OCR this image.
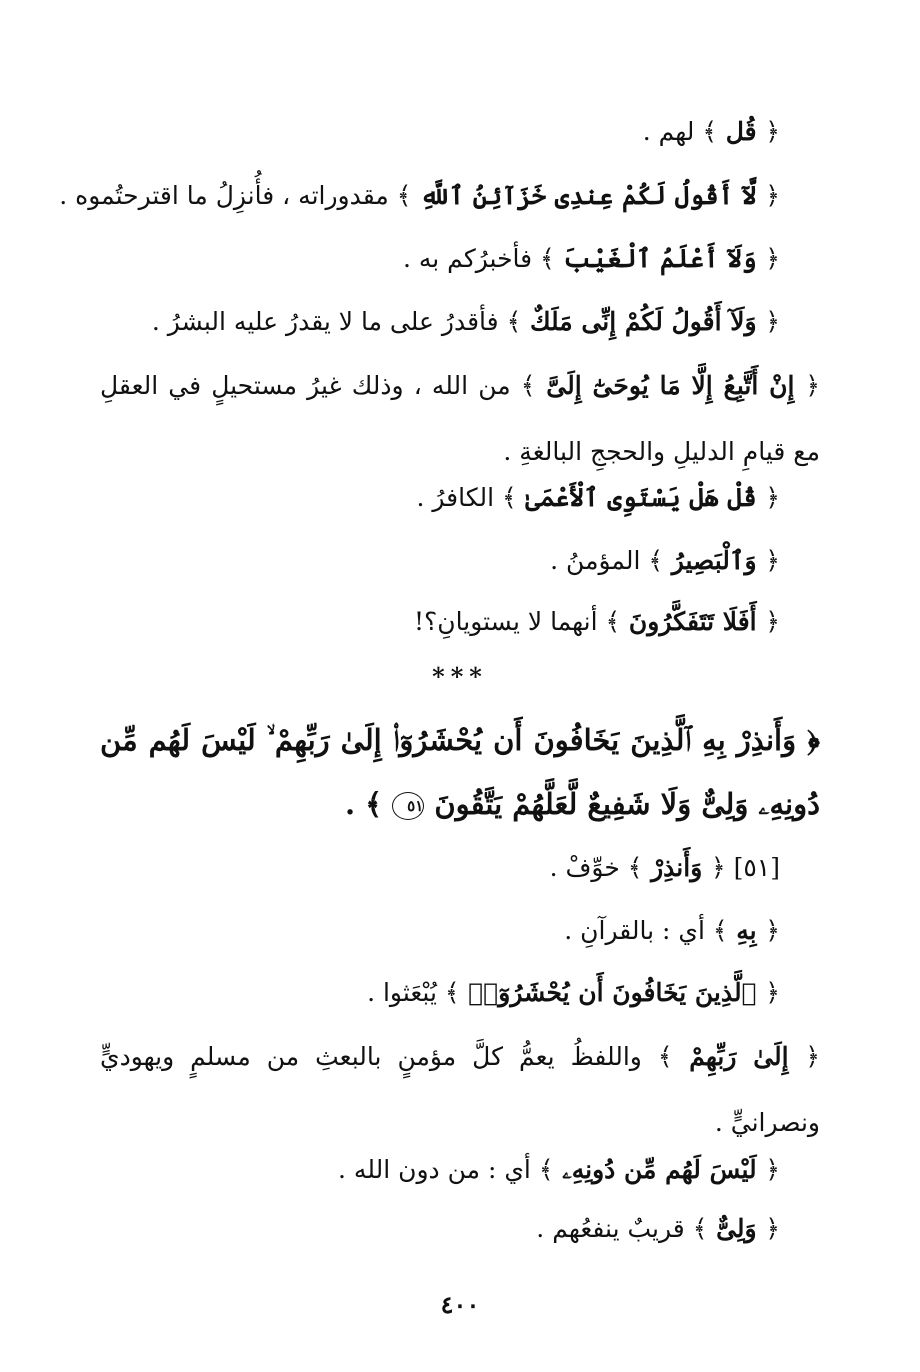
﴿ قُل ﴾ لهم .
﴿ لَّآ أَقُولُ لَكُمْ عِندِى خَزَآئِنُ ٱللَّهِ ﴾ مقدوراته ، فأُنزِلُ ما اقترحتُموه .
﴿ وَلَآ أَعْلَمُ ٱلْغَيْبَ ﴾ فأخبرُكم به .
﴿ وَلَآ أَقُولُ لَكُمْ إِنِّى مَلَكٌ ﴾ فأقدرُ على ما لا يقدرُ عليه البشرُ .
﴿ إِنْ أَتَّبِعُ إِلَّا مَا يُوحَىٰٓ إِلَىَّ ﴾ من الله ، وذلك غيرُ مستحيلٍ في العقلِ مع قيامِ الدليلِ والحججِ البالغةِ .
﴿ قُلْ هَلْ يَسْتَوِى ٱلْأَعْمَىٰ ﴾ الكافرُ .
﴿ وَٱلْبَصِيرُ ﴾ المؤمنُ .
﴿ أَفَلَا تَتَفَكَّرُونَ ﴾ أنهما لا يستويانِ؟!
***
﴿ وَأَنذِرْ بِهِ ٱلَّذِينَ يَخَافُونَ أَن يُحْشَرُوٓا۟ إِلَىٰ رَبِّهِمْ ۙ لَيْسَ لَهُم مِّن دُونِهِۦ وَلِىٌّ وَلَا شَفِيعٌ لَّعَلَّهُمْ يَتَّقُونَ ٥١ ﴾ .
[٥١] ﴿ وَأَنذِرْ ﴾ خوِّفْ .
﴿ بِهِ ﴾ أي : بالقرآنِ .
﴿ ٱلَّذِينَ يَخَافُونَ أَن يُحْشَرُوٓا۟ ﴾ يُبْعَثوا .
﴿ إِلَىٰ رَبِّهِمْ ﴾ واللفظُ يعمُّ كلَّ مؤمنٍ بالبعثِ من مسلمٍ ويهوديٍّ ونصرانيٍّ .
﴿ لَيْسَ لَهُم مِّن دُونِهِۦ ﴾ أي : من دون الله .
﴿ وَلِىٌّ ﴾ قريبٌ ينفعُهم .
٤٠٠
